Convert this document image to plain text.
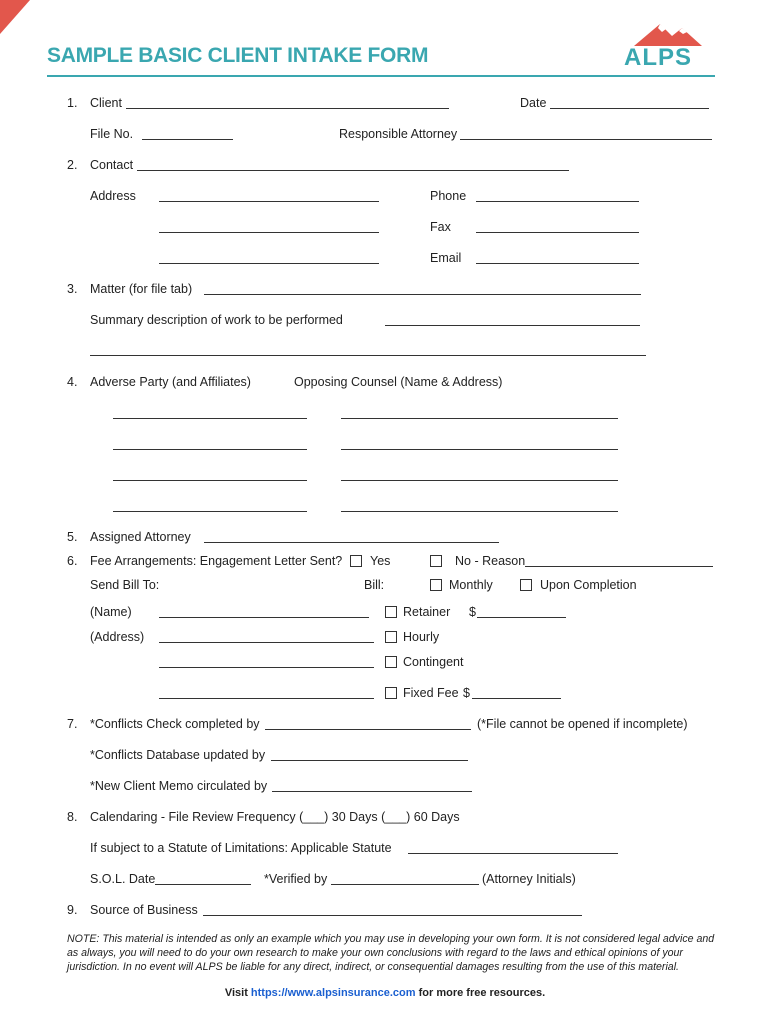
SAMPLE BASIC CLIENT INTAKE FORM	ALPS
1. Client	Date
File No.	Responsible Attorney
2. Contact
Address	Phone
Fax
Email
3. Matter (for file tab)
Summary description of work to be performed
4. Adverse Party (and Affiliates)	Opposing Counsel (Name & Address)
5. Assigned Attorney
6. Fee Arrangements: Engagement Letter Sent? Yes	No - Reason
Send Bill To:	Bill:	Monthly	Upon Completion
(Name)	Retainer $
(Address)	Hourly
Contingent
Fixed Fee $
7. *Conflicts Check completed by	(*File cannot be opened if incomplete)
*Conflicts Database updated by
*New Client Memo circulated by
8. Calendaring - File Review Frequency (___) 30 Days (___) 60 Days
If subject to a Statute of Limitations: Applicable Statute
S.O.L. Date	*Verified by	(Attorney Initials)
9. Source of Business
NOTE: This material is intended as only an example which you may use in developing your own form. It is not considered legal advice and as always, you will need to do your own research to make your own conclusions with regard to the laws and ethical opinions of your jurisdiction. In no event will ALPS be liable for any direct, indirect, or consequential damages resulting from the use of this material.
Visit https://www.alpsinsurance.com for more free resources.
